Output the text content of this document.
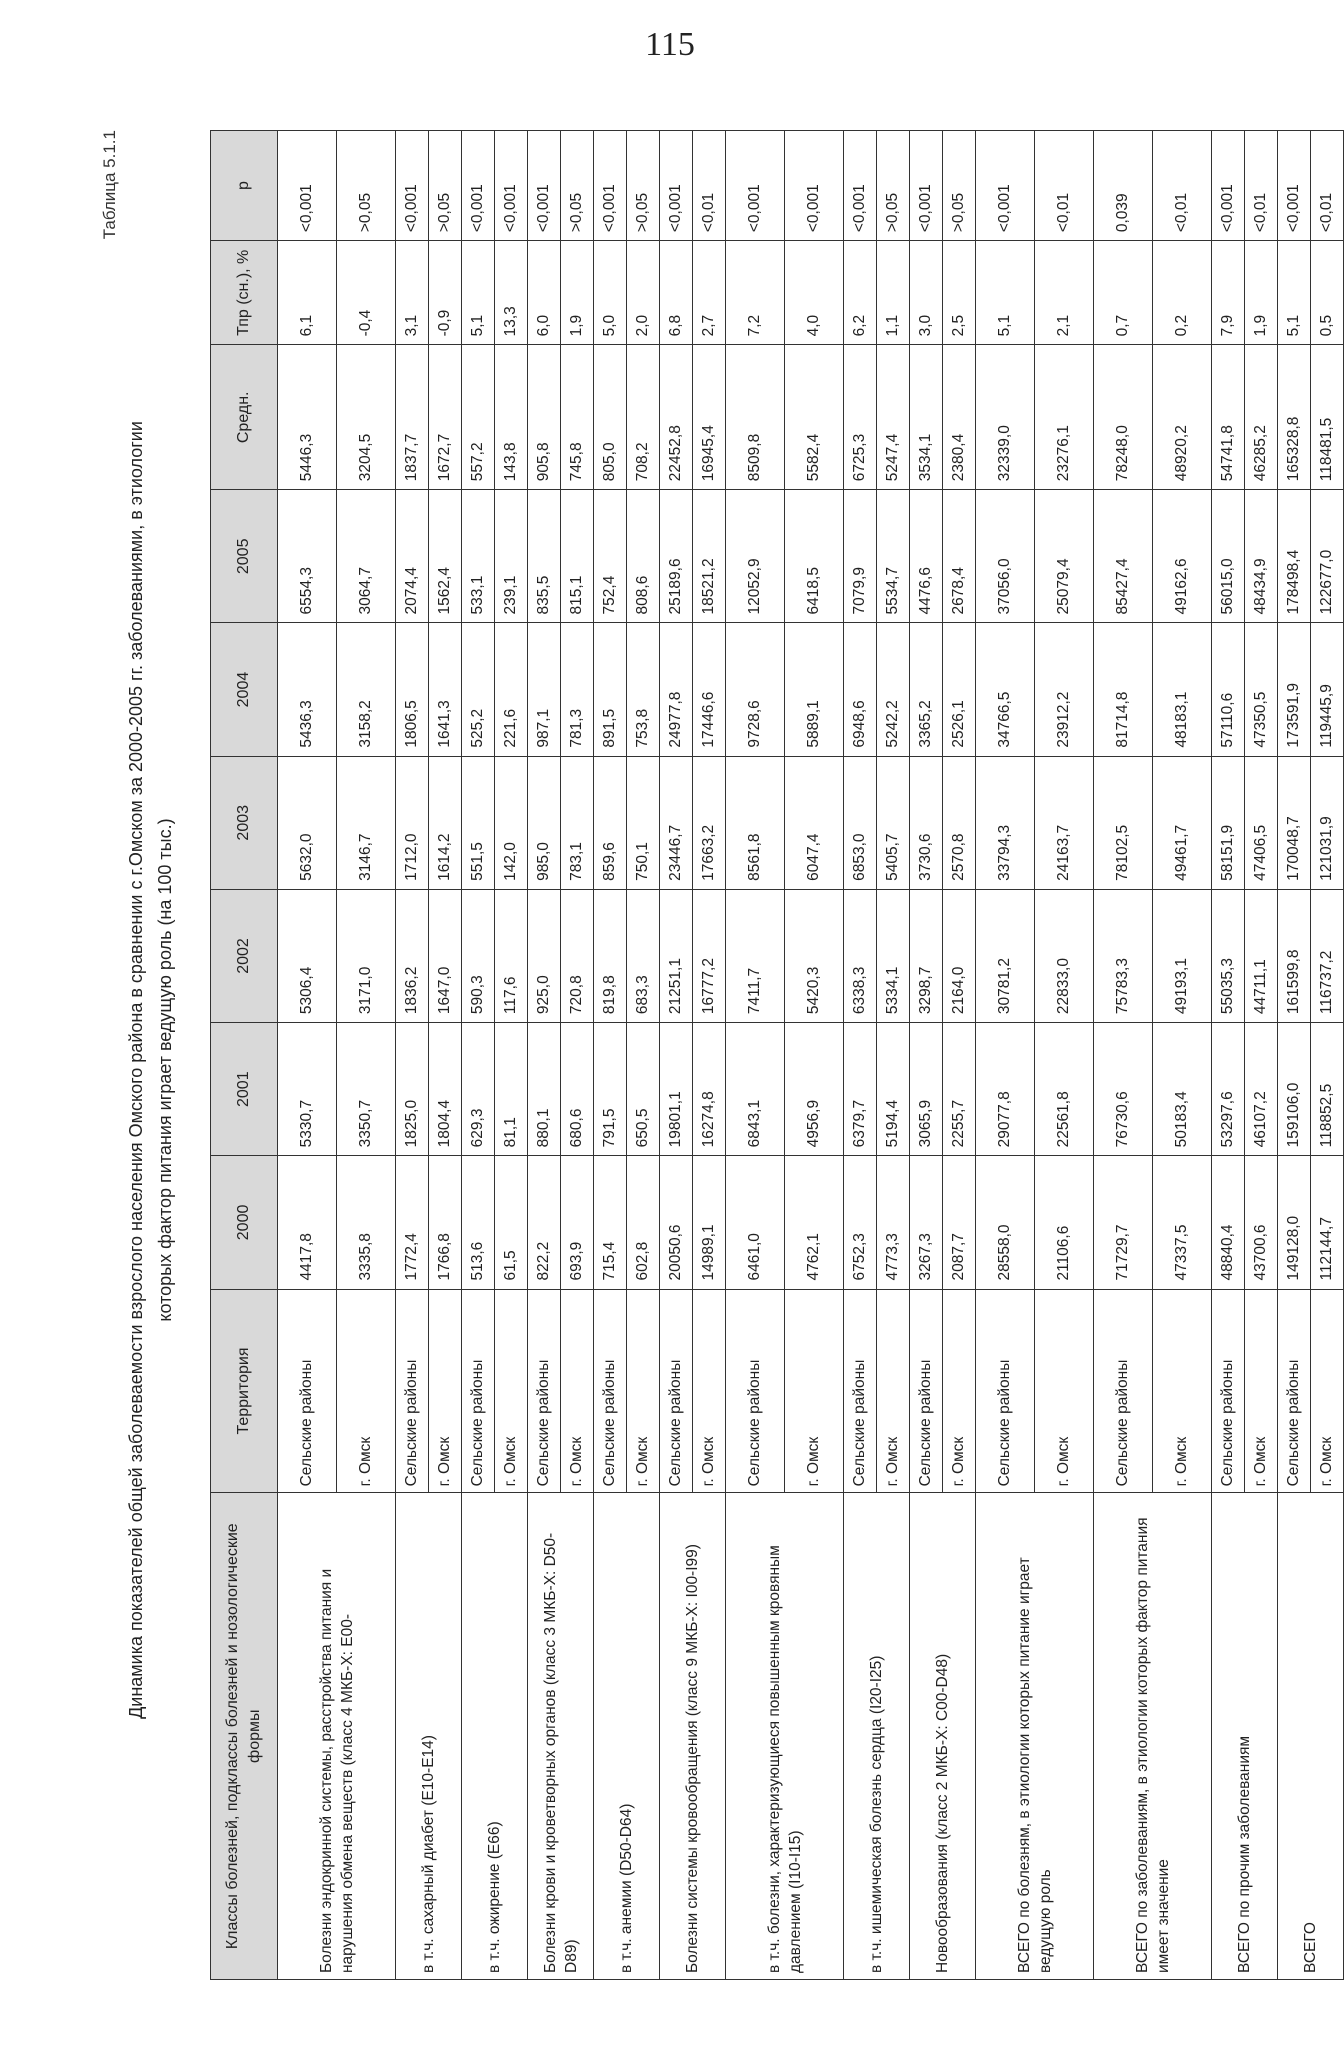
115
Таблица 5.1.1
Динамика показателей общей заболеваемости взрослого населения Омского района в сравнении с г.Омском за 2000-2005 гг. заболеваниями, в этиологии которых фактор питания играет ведущую роль (на 100 тыс.)
Классы болезней, подклассы болезней и нозологические формы	Территория	2000	2001	2002	2003	2004	2005	Средн.	Тпр (сн.), %	p
Болезни эндокринной системы, расстройства питания и нарушения обмена веществ (класс 4 МКБ-Х: Е00-	Сельские районы	4417,8	5330,7	5306,4	5632,0	5436,3	6554,3	5446,3	6,1	<0,001
	г. Омск	3335,8	3350,7	3171,0	3146,7	3158,2	3064,7	3204,5	-0,4	>0,05
в т.ч. сахарный диабет (Е10-Е14)	Сельские районы	1772,4	1825,0	1836,2	1712,0	1806,5	2074,4	1837,7	3,1	<0,001
	г. Омск	1766,8	1804,4	1647,0	1614,2	1641,3	1562,4	1672,7	-0,9	>0,05
в т.ч. ожирение (Е66)	Сельские районы	513,6	629,3	590,3	551,5	525,2	533,1	557,2	5,1	<0,001
	г. Омск	61,5	81,1	117,6	142,0	221,6	239,1	143,8	13,3	<0,001
Болезни крови и кроветворных органов (класс 3 МКБ-Х: D50-D89)	Сельские районы	822,2	880,1	925,0	985,0	987,1	835,5	905,8	6,0	<0,001
	г. Омск	693,9	680,6	720,8	783,1	781,3	815,1	745,8	1,9	>0,05
в т.ч. анемии (D50-D64)	Сельские районы	715,4	791,5	819,8	859,6	891,5	752,4	805,0	5,0	<0,001
	г. Омск	602,8	650,5	683,3	750,1	753,8	808,6	708,2	2,0	>0,05
Болезни системы кровообращения (класс 9 МКБ-Х: I00-I99)	Сельские районы	20050,6	19801,1	21251,1	23446,7	24977,8	25189,6	22452,8	6,8	<0,001
	г. Омск	14989,1	16274,8	16777,2	17663,2	17446,6	18521,2	16945,4	2,7	<0,01
в т.ч. болезни, характеризующиеся повышенным кровяным давлением (I10-I15)	Сельские районы	6461,0	6843,1	7411,7	8561,8	9728,6	12052,9	8509,8	7,2	<0,001
	г. Омск	4762,1	4956,9	5420,3	6047,4	5889,1	6418,5	5582,4	4,0	<0,001
в т.ч. ишемическая болезнь сердца (I20-I25)	Сельские районы	6752,3	6379,7	6338,3	6853,0	6948,6	7079,9	6725,3	6,2	<0,001
	г. Омск	4773,3	5194,4	5334,1	5405,7	5242,2	5534,7	5247,4	1,1	>0,05
Новообразования (класс 2 МКБ-Х: С00-D48)	Сельские районы	3267,3	3065,9	3298,7	3730,6	3365,2	4476,6	3534,1	3,0	<0,001
	г. Омск	2087,7	2255,7	2164,0	2570,8	2526,1	2678,4	2380,4	2,5	>0,05
ВСЕГО по болезням, в этиологии которых питание играет ведущую роль	Сельские районы	28558,0	29077,8	30781,2	33794,3	34766,5	37056,0	32339,0	5,1	<0,001
	г. Омск	21106,6	22561,8	22833,0	24163,7	23912,2	25079,4	23276,1	2,1	<0,01
ВСЕГО по заболеваниям, в этиологии которых фактор питания имеет значение	Сельские районы	71729,7	76730,6	75783,3	78102,5	81714,8	85427,4	78248,0	0,7	0,039
	г. Омск	47337,5	50183,4	49193,1	49461,7	48183,1	49162,6	48920,2	0,2	<0,01
ВСЕГО по прочим заболеваниям	Сельские районы	48840,4	53297,6	55035,3	58151,9	57110,6	56015,0	54741,8	7,9	<0,001
	г. Омск	43700,6	46107,2	44711,1	47406,5	47350,5	48434,9	46285,2	1,9	<0,01
ВСЕГО	Сельские районы	149128,0	159106,0	161599,8	170048,7	173591,9	178498,4	165328,8	5,1	<0,001
	г. Омск	112144,7	118852,5	116737,2	121031,9	119445,9	122677,0	118481,5	0,5	<0,01
